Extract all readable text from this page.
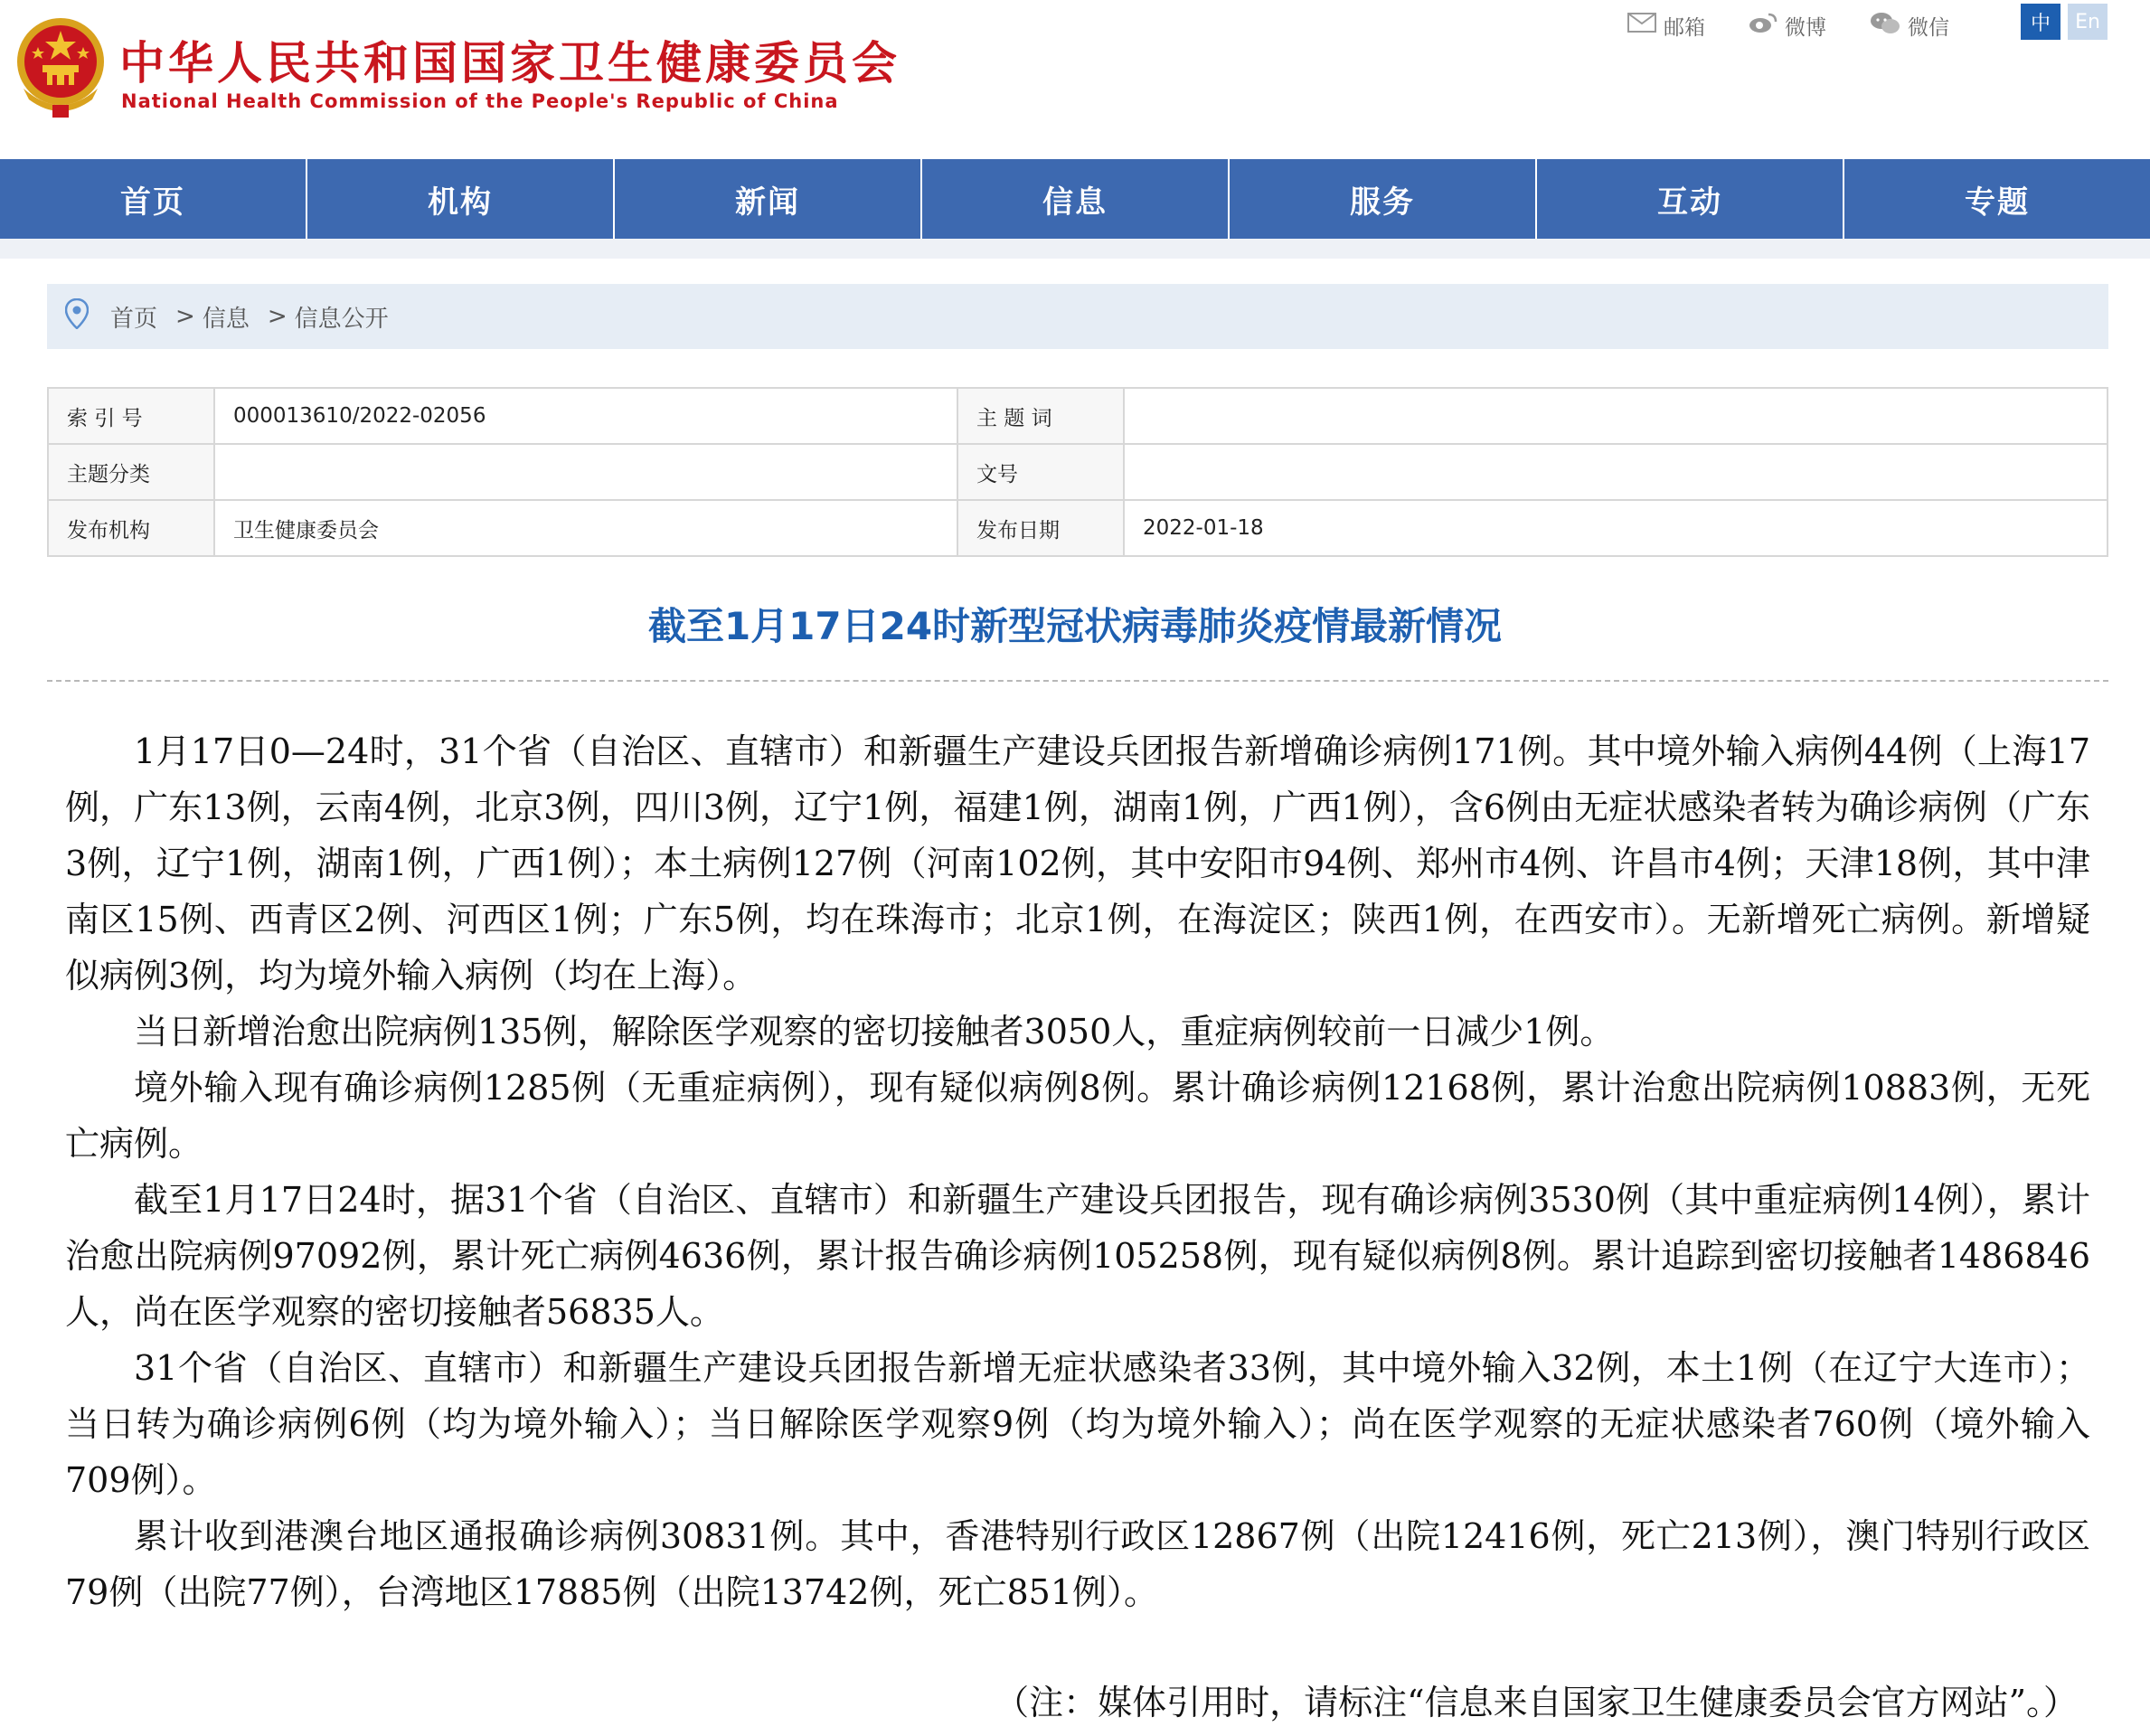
中华人民共和国国家卫生健康委员会
National Health Commission of the People's Republic of China
邮箱	微博	微信	中	En
首页	机构	新闻	信息	服务	互动	专题
首页 > 信息 > 信息公开
索 引 号	000013610/2022-02056	主 题 词	
主题分类		文号	
发布机构	卫生健康委员会	发布日期	2022-01-18
截至1月17日24时新型冠状病毒肺炎疫情最新情况

1月17日0—24时，31个省（自治区、直辖市）和新疆生产建设兵团报告新增确诊病例171例。其中境外输入病例44例（上海17例，广东13例，云南4例，北京3例，四川3例，辽宁1例，福建1例，湖南1例，广西1例），含6例由无症状感染者转为确诊病例（广东3例，辽宁1例，湖南1例，广西1例）；本土病例127例（河南102例，其中安阳市94例、郑州市4例、许昌市4例；天津18例，其中津南区15例、西青区2例、河西区1例；广东5例，均在珠海市；北京1例，在海淀区；陕西1例，在西安市）。无新增死亡病例。新增疑似病例3例，均为境外输入病例（均在上海）。

当日新增治愈出院病例135例，解除医学观察的密切接触者3050人，重症病例较前一日减少1例。

境外输入现有确诊病例1285例（无重症病例），现有疑似病例8例。累计确诊病例12168例，累计治愈出院病例10883例，无死亡病例。

截至1月17日24时，据31个省（自治区、直辖市）和新疆生产建设兵团报告，现有确诊病例3530例（其中重症病例14例），累计治愈出院病例97092例，累计死亡病例4636例，累计报告确诊病例105258例，现有疑似病例8例。累计追踪到密切接触者1486846人，尚在医学观察的密切接触者56835人。

31个省（自治区、直辖市）和新疆生产建设兵团报告新增无症状感染者33例，其中境外输入32例，本土1例（在辽宁大连市）；当日转为确诊病例6例（均为境外输入）；当日解除医学观察9例（均为境外输入）；尚在医学观察的无症状感染者760例（境外输入709例）。

累计收到港澳台地区通报确诊病例30831例。其中，香港特别行政区12867例（出院12416例，死亡213例），澳门特别行政区79例（出院77例），台湾地区17885例（出院13742例，死亡851例）。

（注：媒体引用时，请标注“信息来自国家卫生健康委员会官方网站”。）
